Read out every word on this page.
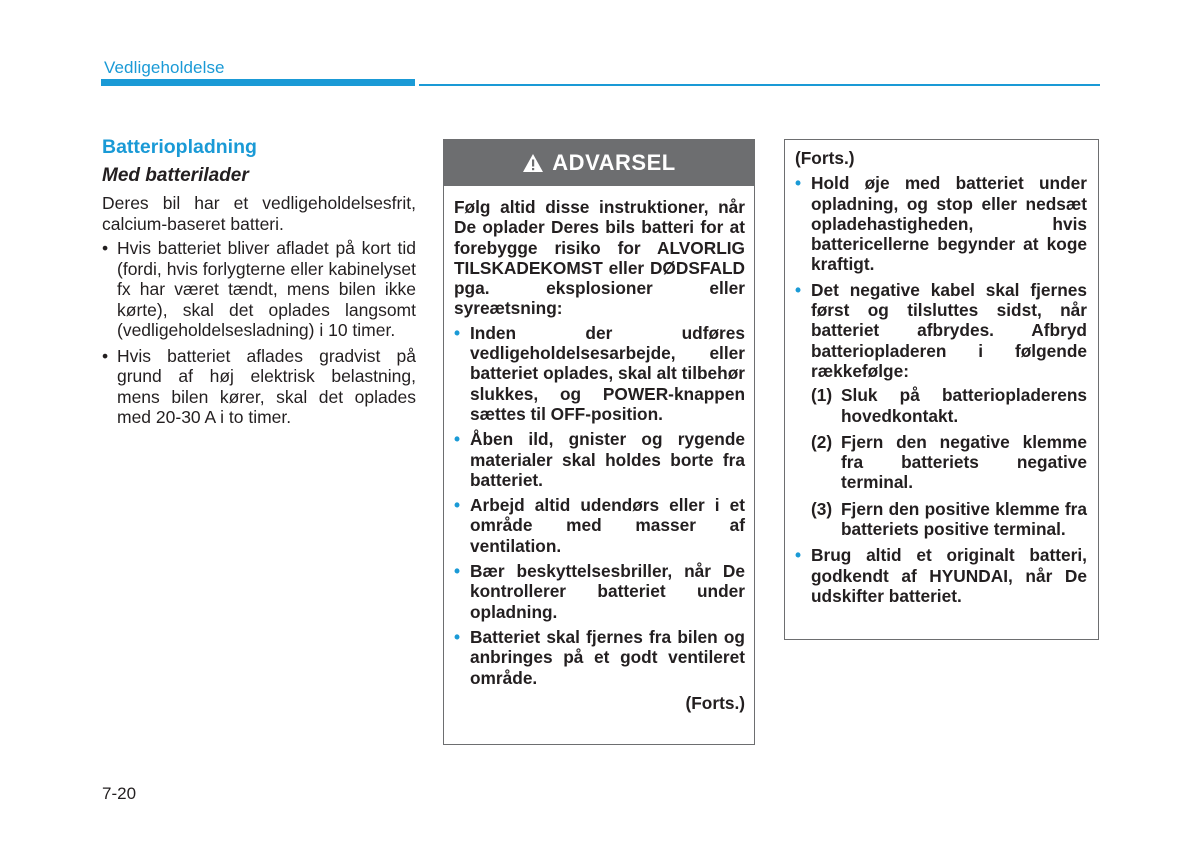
Vedligeholdelse
Batteriopladning
Med batterilader

Deres bil har et vedligeholdelsesfrit, calcium-baseret batteri.

• Hvis batteriet bliver afladet på kort tid (fordi, hvis forlygterne eller kabinelyset fx har været tændt, mens bilen ikke kørte), skal det oplades langsomt (vedligeholdelsesladning) i 10 timer.
• Hvis batteriet aflades gradvist på grund af høj elektrisk belastning, mens bilen kører, skal det oplades med 20-30 A i to timer.
ADVARSEL

Følg altid disse instruktioner, når De oplader Deres bils batteri for at forebygge risiko for ALVORLIG TILSKADEKOMST eller DØDSFALD pga. eksplosioner eller syreætsning:

• Inden der udføres vedligeholdelsesarbejde, eller batteriet oplades, skal alt tilbehør slukkes, og POWER-knappen sættes til OFF-position.
• Åben ild, gnister og rygende materialer skal holdes borte fra batteriet.
• Arbejd altid udendørs eller i et område med masser af ventilation.
• Bær beskyttelsesbriller, når De kontrollerer batteriet under opladning.
• Batteriet skal fjernes fra bilen og anbringes på et godt ventileret område.
(Forts.)
(Forts.)
• Hold øje med batteriet under opladning, og stop eller nedsæt opladehastigheden, hvis battericellerne begynder at koge kraftigt.
• Det negative kabel skal fjernes først og tilsluttes sidst, når batteriet afbrydes. Afbryd batteriopladeren i følgende rækkefølge:
(1) Sluk på batteriopladerens hovedkontakt.
(2) Fjern den negative klemme fra batteriets negative terminal.
(3) Fjern den positive klemme fra batteriets positive terminal.
• Brug altid et originalt batteri, godkendt af HYUNDAI, når De udskifter batteriet.
7-20
